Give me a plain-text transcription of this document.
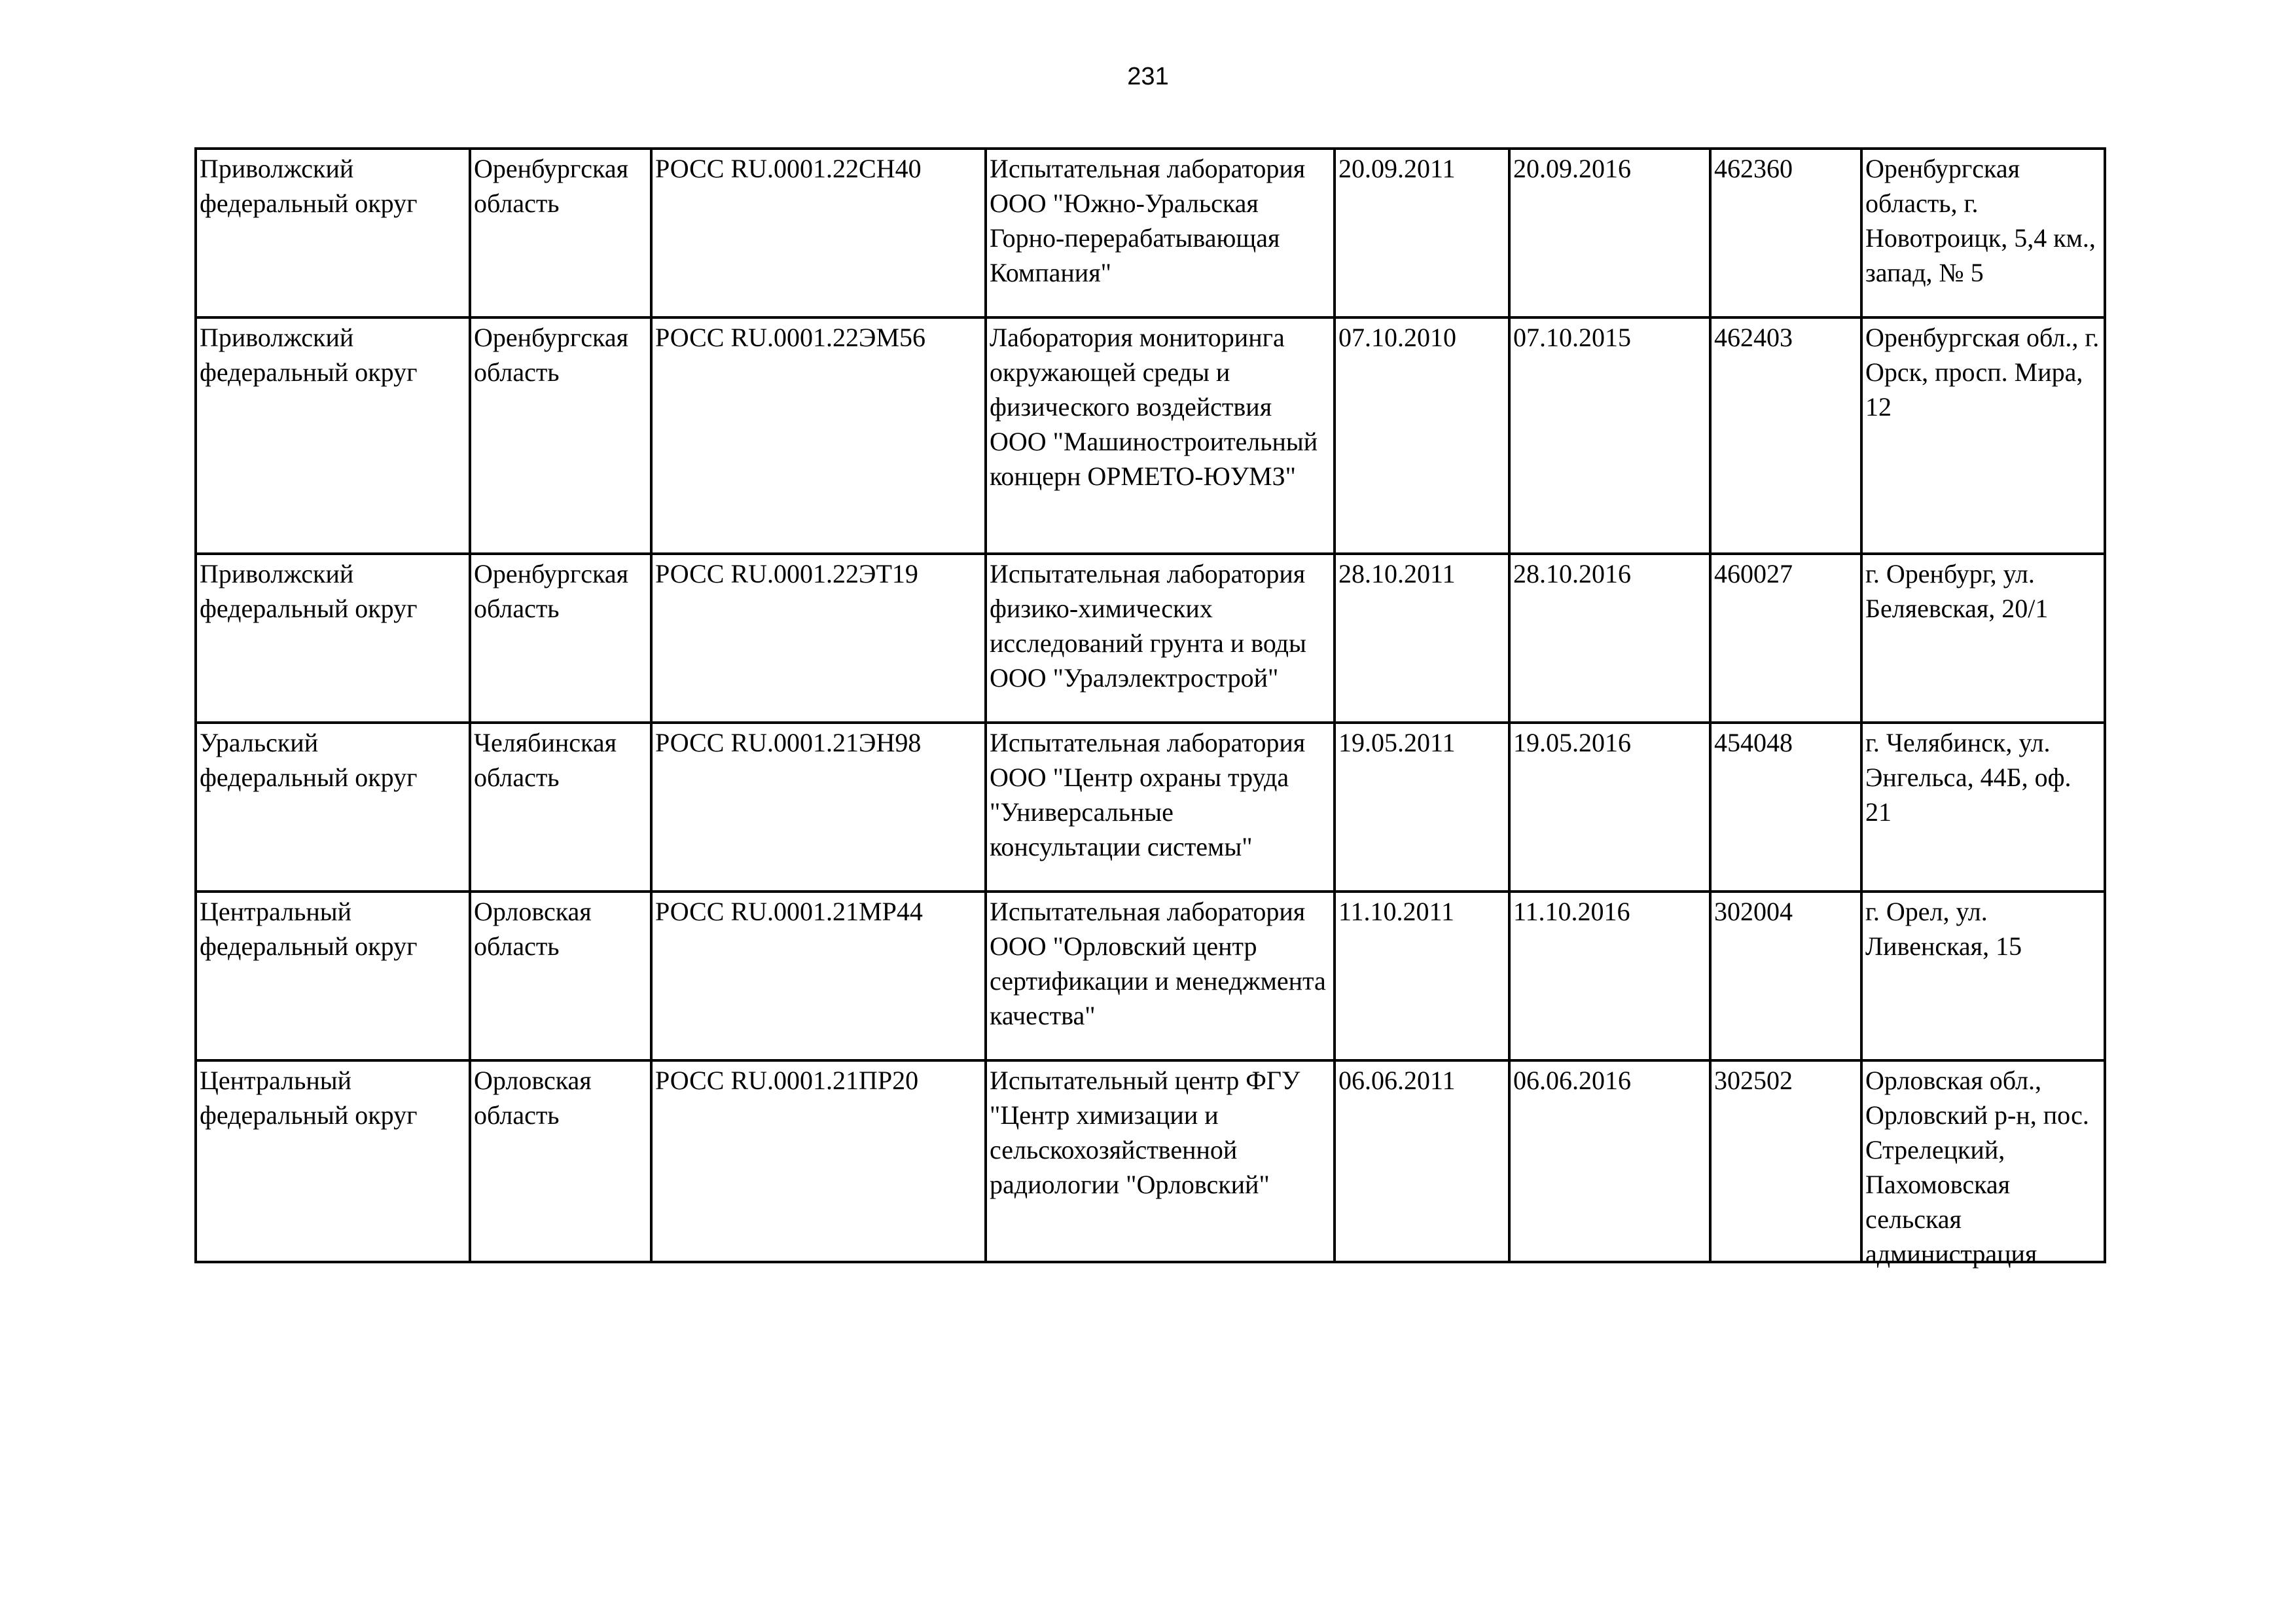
231
Приволжский федеральный округ	Оренбургская область	РОСС RU.0001.22СН40	Испытательная лаборатория ООО "Южно-Уральская Горно-перерабатывающая Компания"	20.09.2011	20.09.2016	462360	Оренбургская область, г. Новотроицк, 5,4 км., запад, № 5

Приволжский федеральный округ	Оренбургская область	РОСС RU.0001.22ЭМ56	Лаборатория мониторинга окружающей среды и физического воздействия ООО "Машиностроительный концерн ОРМЕТО-ЮУМЗ"	07.10.2010	07.10.2015	462403	Оренбургская обл., г. Орск, просп. Мира, 12

Приволжский федеральный округ	Оренбургская область	РОСС RU.0001.22ЭТ19	Испытательная лаборатория физико-химических исследований грунта и воды ООО "Уралэлектрострой"	28.10.2011	28.10.2016	460027	г. Оренбург, ул. Беляевская, 20/1

Уральский федеральный округ	Челябинская область	РОСС RU.0001.21ЭН98	Испытательная лаборатория ООО "Центр охраны труда "Универсальные консультации системы"	19.05.2011	19.05.2016	454048	г. Челябинск, ул. Энгельса, 44Б, оф. 21

Центральный федеральный округ	Орловская область	РОСС RU.0001.21МР44	Испытательная лаборатория ООО "Орловский центр сертификации и менеджмента качества"	11.10.2011	11.10.2016	302004	г. Орел, ул. Ливенская, 15

Центральный федеральный округ	Орловская область	РОСС RU.0001.21ПР20	Испытательный центр ФГУ "Центр химизации и сельскохозяйственной радиологии "Орловский"	06.06.2011	06.06.2016	302502	Орловская обл., Орловский р-н, пос. Стрелецкий, Пахомовская сельская администрация
